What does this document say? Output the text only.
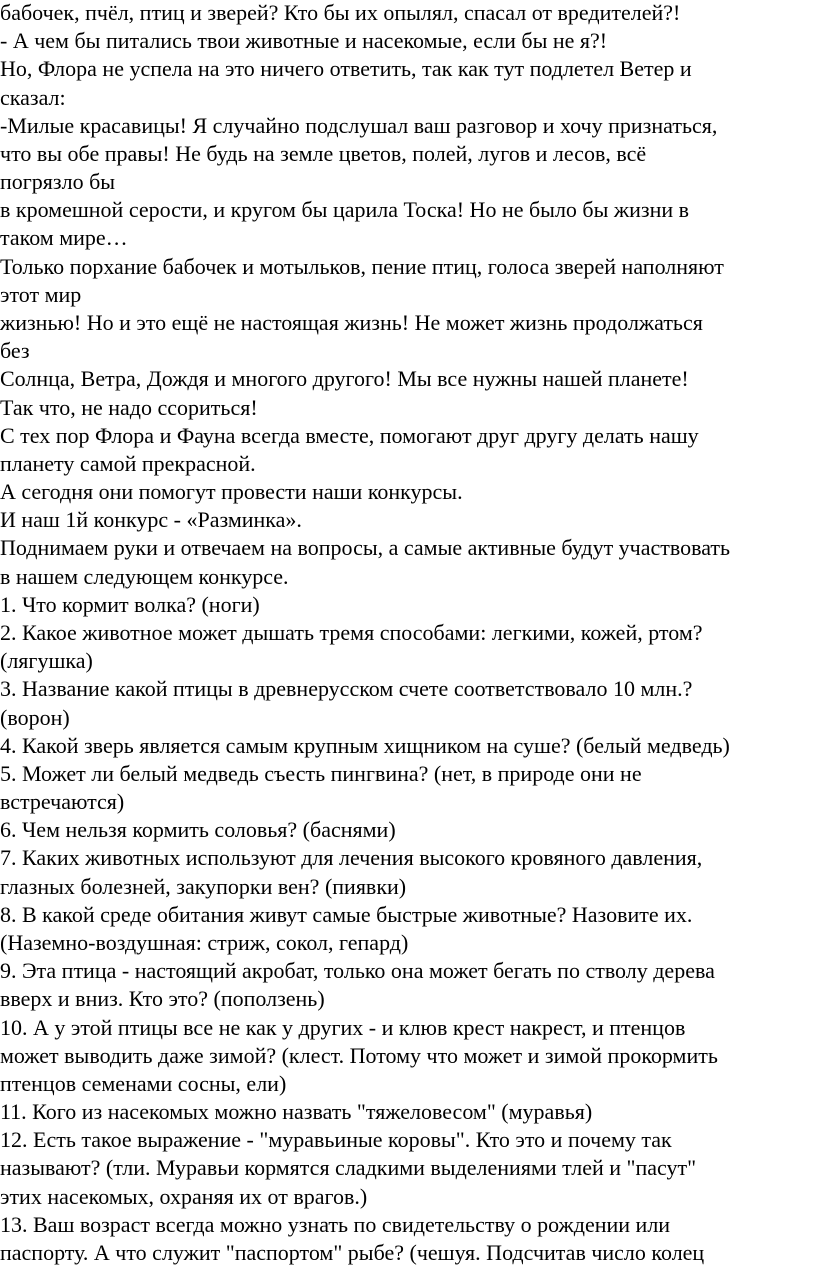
бабочек, пчёл, птиц и зверей? Кто бы их опылял, спасал от вредителей?!

- А чем бы питались твои животные и насекомые, если бы не я?!

Но, Флора не успела на это ничего ответить, так как тут подлетел Ветер и

сказал:

-Милые красавицы! Я случайно подслушал ваш разговор и хочу признаться,

что вы обе правы! Не будь на земле цветов, полей, лугов и лесов, всё

погрязло бы

в кромешной серости, и кругом бы царила Тоска! Но не было бы жизни в

таком мире…

Только порхание бабочек и мотыльков, пение птиц, голоса зверей наполняют

этот мир

жизнью! Но и это ещё не настоящая жизнь! Не может жизнь продолжаться

без

Солнца, Ветра, Дождя и многого другого! Мы все нужны нашей планете!

Так что, не надо ссориться!

С тех пор Флора и Фауна всегда вместе, помогают друг другу делать нашу

планету самой прекрасной.

А сегодня они помогут провести наши конкурсы.

И наш 1й конкурс - «Разминка».

Поднимаем руки и отвечаем на вопросы, а самые активные будут участвовать

в нашем следующем конкурсе.

1. Что кормит волка? (ноги)

2. Какое животное может дышать тремя способами: легкими, кожей, ртом?

(лягушка)

3. Название какой птицы в древнерусском счете соответствовало 10 млн.?

(ворон)

4. Какой зверь является самым крупным хищником на суше? (белый медведь)

5. Может ли белый медведь съесть пингвина? (нет, в природе они не

встречаются)

6. Чем нельзя кормить соловья? (баснями)

7. Каких животных используют для лечения высокого кровяного давления,

глазных болезней, закупорки вен? (пиявки)

8. В какой среде обитания живут самые быстрые животные? Назовите их.

(Наземно-воздушная: стриж, сокол, гепард)

9. Эта птица - настоящий акробат, только она может бегать по стволу дерева

вверх и вниз. Кто это? (поползень)

10. А у этой птицы все не как у других - и клюв крест накрест, и птенцов

может выводить даже зимой? (клест. Потому что может и зимой прокормить

птенцов семенами сосны, ели)

11. Кого из насекомых можно назвать "тяжеловесом" (муравья)

12. Есть такое выражение - "муравьиные коровы". Кто это и почему так

называют? (тли. Муравьи кормятся сладкими выделениями тлей и "пасут"

этих насекомых, охраняя их от врагов.)

13. Ваш возраст всегда можно узнать по свидетельству о рождении или

паспорту. А что служит "паспортом" рыбе? (чешуя. Подсчитав число колец
